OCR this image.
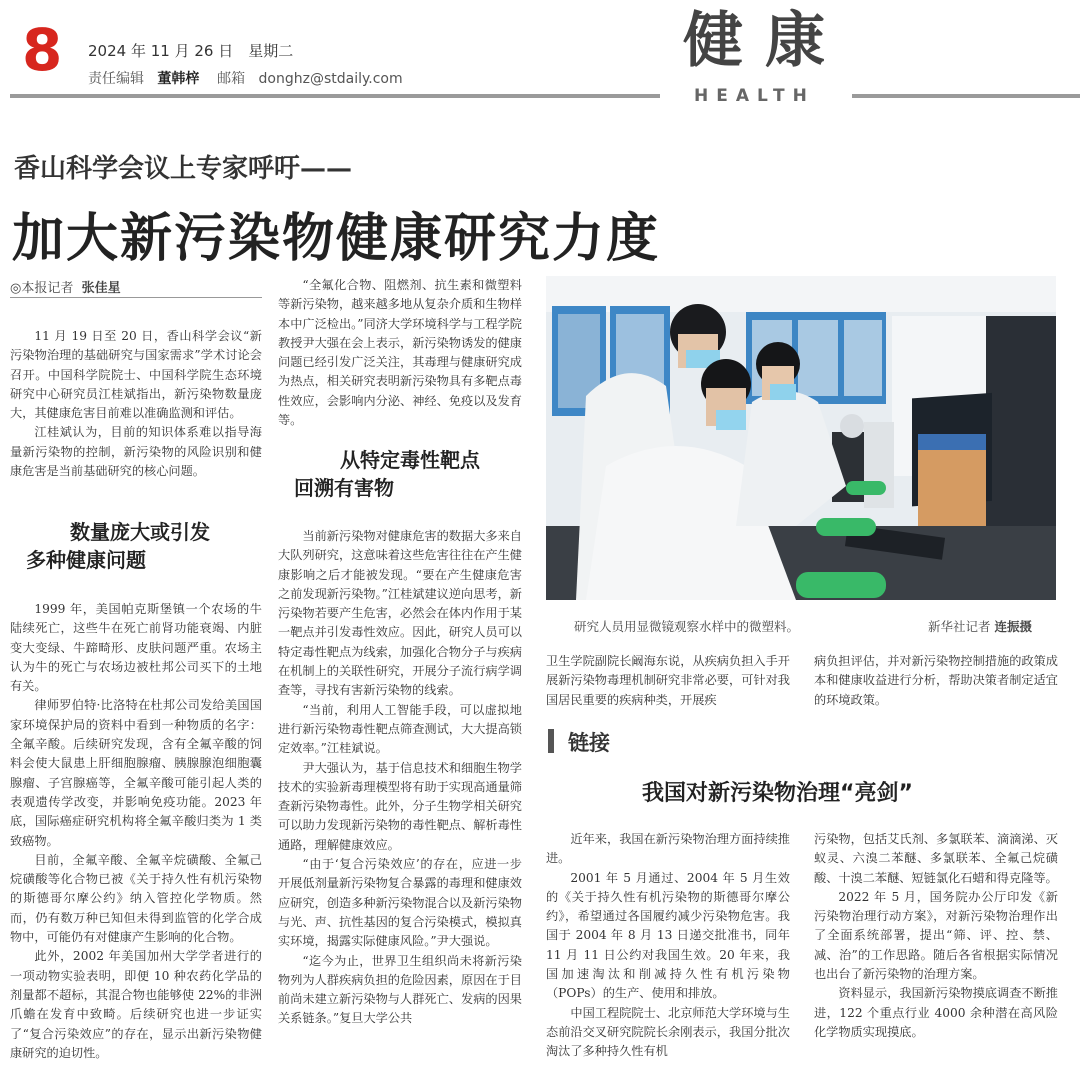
8 2024 年 11 月 26 日　星期二
责任编辑 董韩梓 邮箱 donghz@stdaily.com
健康
HEALTH
香山科学会议上专家呼吁——
加大新污染物健康研究力度
◎本报记者 张佳星

11 月 19 日至 20 日，香山科学会议“新污染物治理的基础研究与国家需求”学术讨论会召开。中国科学院院士、中国科学院生态环境研究中心研究员江桂斌指出，新污染物数量庞大，其健康危害目前难以准确监测和评估。

江桂斌认为，目前的知识体系难以指导海量新污染物的控制，新污染物的风险识别和健康危害是当前基础研究的核心问题。

数量庞大或引发
多种健康问题

1999 年，美国帕克斯堡镇一个农场的牛陆续死亡，这些牛在死亡前肾功能衰竭、内脏变大变绿、牛蹄畸形、皮肤问题严重。农场主认为牛的死亡与农场边被杜邦公司买下的土地有关。

律师罗伯特·比洛特在杜邦公司发给美国国家环境保护局的资料中看到一种物质的名字：全氟辛酸。后续研究发现，含有全氟辛酸的饲料会使大鼠患上肝细胞腺瘤、胰腺腺泡细胞囊腺瘤、子宫腺癌等，全氟辛酸可能引起人类的表观遗传学改变，并影响免疫功能。2023 年底，国际癌症研究机构将全氟辛酸归类为 1 类致癌物。

目前，全氟辛酸、全氟辛烷磺酸、全氟己烷磺酸等化合物已被《关于持久性有机污染物的斯德哥尔摩公约》纳入管控化学物质。然而，仍有数万种已知但未得到监管的化学合成物中，可能仍有对健康产生影响的化合物。

此外，2002 年美国加州大学学者进行的一项动物实验表明，即便 10 种农药化学品的剂量都不超标，其混合物也能够使 22%的非洲爪蟾在发育中致畸。后续研究也进一步证实了“复合污染效应”的存在，显示出新污染物健康研究的迫切性。

“全氟化合物、阻燃剂、抗生素和微塑料等新污染物，越来越多地从复杂介质和生物样本中广泛检出。”同济大学环境科学与工程学院教授尹大强在会上表示，新污染物诱发的健康问题已经引发广泛关注，其毒理与健康研究成为热点，相关研究表明新污染物具有多靶点毒性效应，会影响内分泌、神经、免疫以及发育等。

从特定毒性靶点
回溯有害物

当前新污染物对健康危害的数据大多来自大队列研究，这意味着这些危害往往在产生健康影响之后才能被发现。“要在产生健康危害之前发现新污染物。”江桂斌建议逆向思考，新污染物若要产生危害，必然会在体内作用于某一靶点并引发毒性效应。因此，研究人员可以特定毒性靶点为线索，加强化合物分子与疾病在机制上的关联性研究，开展分子流行病学调查等，寻找有害新污染物的线索。

“当前，利用人工智能手段，可以虚拟地进行新污染物毒性靶点筛查测试，大大提高锁定效率。”江桂斌说。

尹大强认为，基于信息技术和细胞生物学技术的实验新毒理模型将有助于实现高通量筛查新污染物毒性。此外，分子生物学相关研究可以助力发现新污染物的毒性靶点、解析毒性通路，理解健康效应。

“由于‘复合污染效应’的存在，应进一步开展低剂量新污染物复合暴露的毒理和健康效应研究，创造多种新污染物混合以及新污染物与光、声、抗性基因的复合污染模式，模拟真实环境，揭露实际健康风险。”尹大强说。

“迄今为止，世界卫生组织尚未将新污染物列为人群疾病负担的危险因素，原因在于目前尚未建立新污染物与人群死亡、发病的因果关系链条。”复旦大学公共

研究人员用显微镜观察水样中的微塑料。	新华社记者 连振摄

卫生学院副院长阚海东说，从疾病负担入手开展新污染物毒理机制研究非常必要，可针对我国居民重要的疾病种类，开展疾

病负担评估，并对新污染物控制措施的政策成本和健康收益进行分析，帮助决策者制定适宜的环境政策。

链接
我国对新污染物治理“亮剑”

近年来，我国在新污染物治理方面持续推进。

2001 年 5 月通过、2004 年 5 月生效的《关于持久性有机污染物的斯德哥尔摩公约》，希望通过各国履约减少污染物危害。我国于 2004 年 8 月 13 日递交批准书，同年 11 月 11 日公约对我国生效。20 年来，我国加速淘汰和削减持久性有机污染物（POPs）的生产、使用和排放。

中国工程院院士、北京师范大学环境与生态前沿交叉研究院院长余刚表示，我国分批次淘汰了多种持久性有机

污染物，包括艾氏剂、多氯联苯、滴滴涕、灭蚁灵、六溴二苯醚、多氯联苯、全氟己烷磺酸、十溴二苯醚、短链氯化石蜡和得克隆等。

2022 年 5 月，国务院办公厅印发《新污染物治理行动方案》，对新污染物治理作出了全面系统部署，提出“筛、评、控、禁、减、治”的工作思路。随后各省根据实际情况也出台了新污染物的治理方案。

资料显示，我国新污染物摸底调查不断推进，122 个重点行业 4000 余种潜在高风险化学物质实现摸底。
